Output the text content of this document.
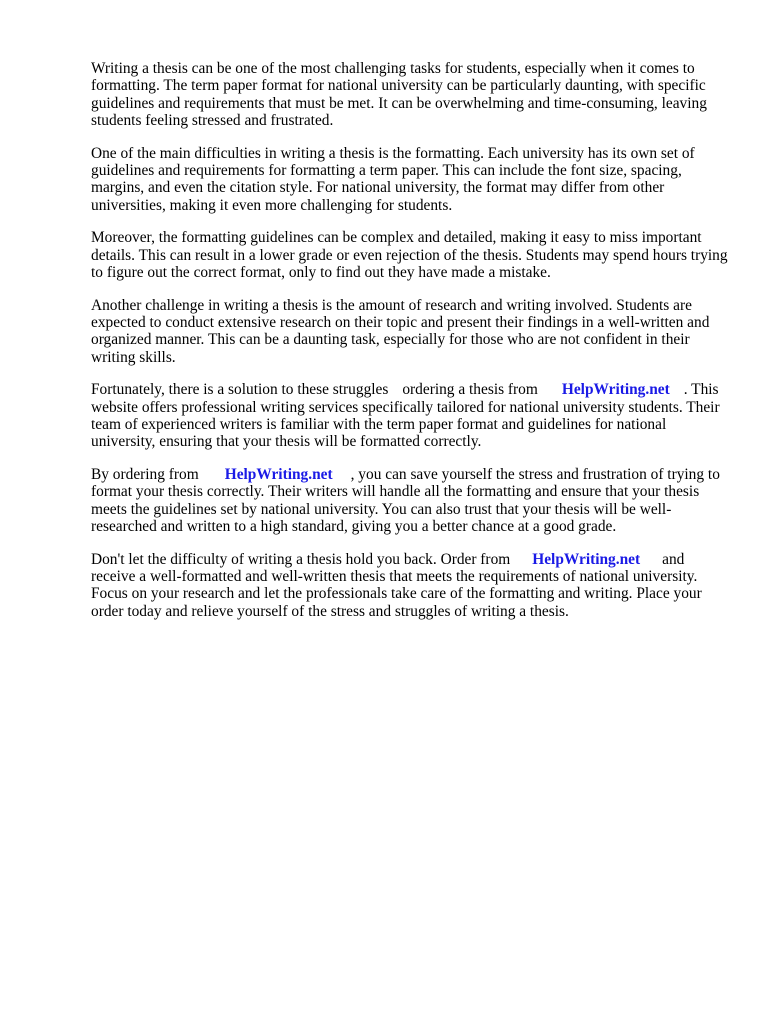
Writing a thesis can be one of the most challenging tasks for students, especially when it comes to formatting. The term paper format for national university can be particularly daunting, with specific guidelines and requirements that must be met. It can be overwhelming and time-consuming, leaving students feeling stressed and frustrated.

One of the main difficulties in writing a thesis is the formatting. Each university has its own set of guidelines and requirements for formatting a term paper. This can include the font size, spacing, margins, and even the citation style. For national university, the format may differ from other universities, making it even more challenging for students.

Moreover, the formatting guidelines can be complex and detailed, making it easy to miss important details. This can result in a lower grade or even rejection of the thesis. Students may spend hours trying to figure out the correct format, only to find out they have made a mistake.

Another challenge in writing a thesis is the amount of research and writing involved. Students are expected to conduct extensive research on their topic and present their findings in a well-written and organized manner. This can be a daunting task, especially for those who are not confident in their writing skills.

Fortunately, there is a solution to these struggles ordering a thesis from HelpWriting.net . This website offers professional writing services specifically tailored for national university students. Their team of experienced writers is familiar with the term paper format and guidelines for national university, ensuring that your thesis will be formatted correctly.

By ordering from HelpWriting.net , you can save yourself the stress and frustration of trying to format your thesis correctly. Their writers will handle all the formatting and ensure that your thesis meets the guidelines set by national university. You can also trust that your thesis will be well-researched and written to a high standard, giving you a better chance at a good grade.

Don't let the difficulty of writing a thesis hold you back. Order from HelpWriting.net and receive a well-formatted and well-written thesis that meets the requirements of national university. Focus on your research and let the professionals take care of the formatting and writing. Place your order today and relieve yourself of the stress and struggles of writing a thesis.
